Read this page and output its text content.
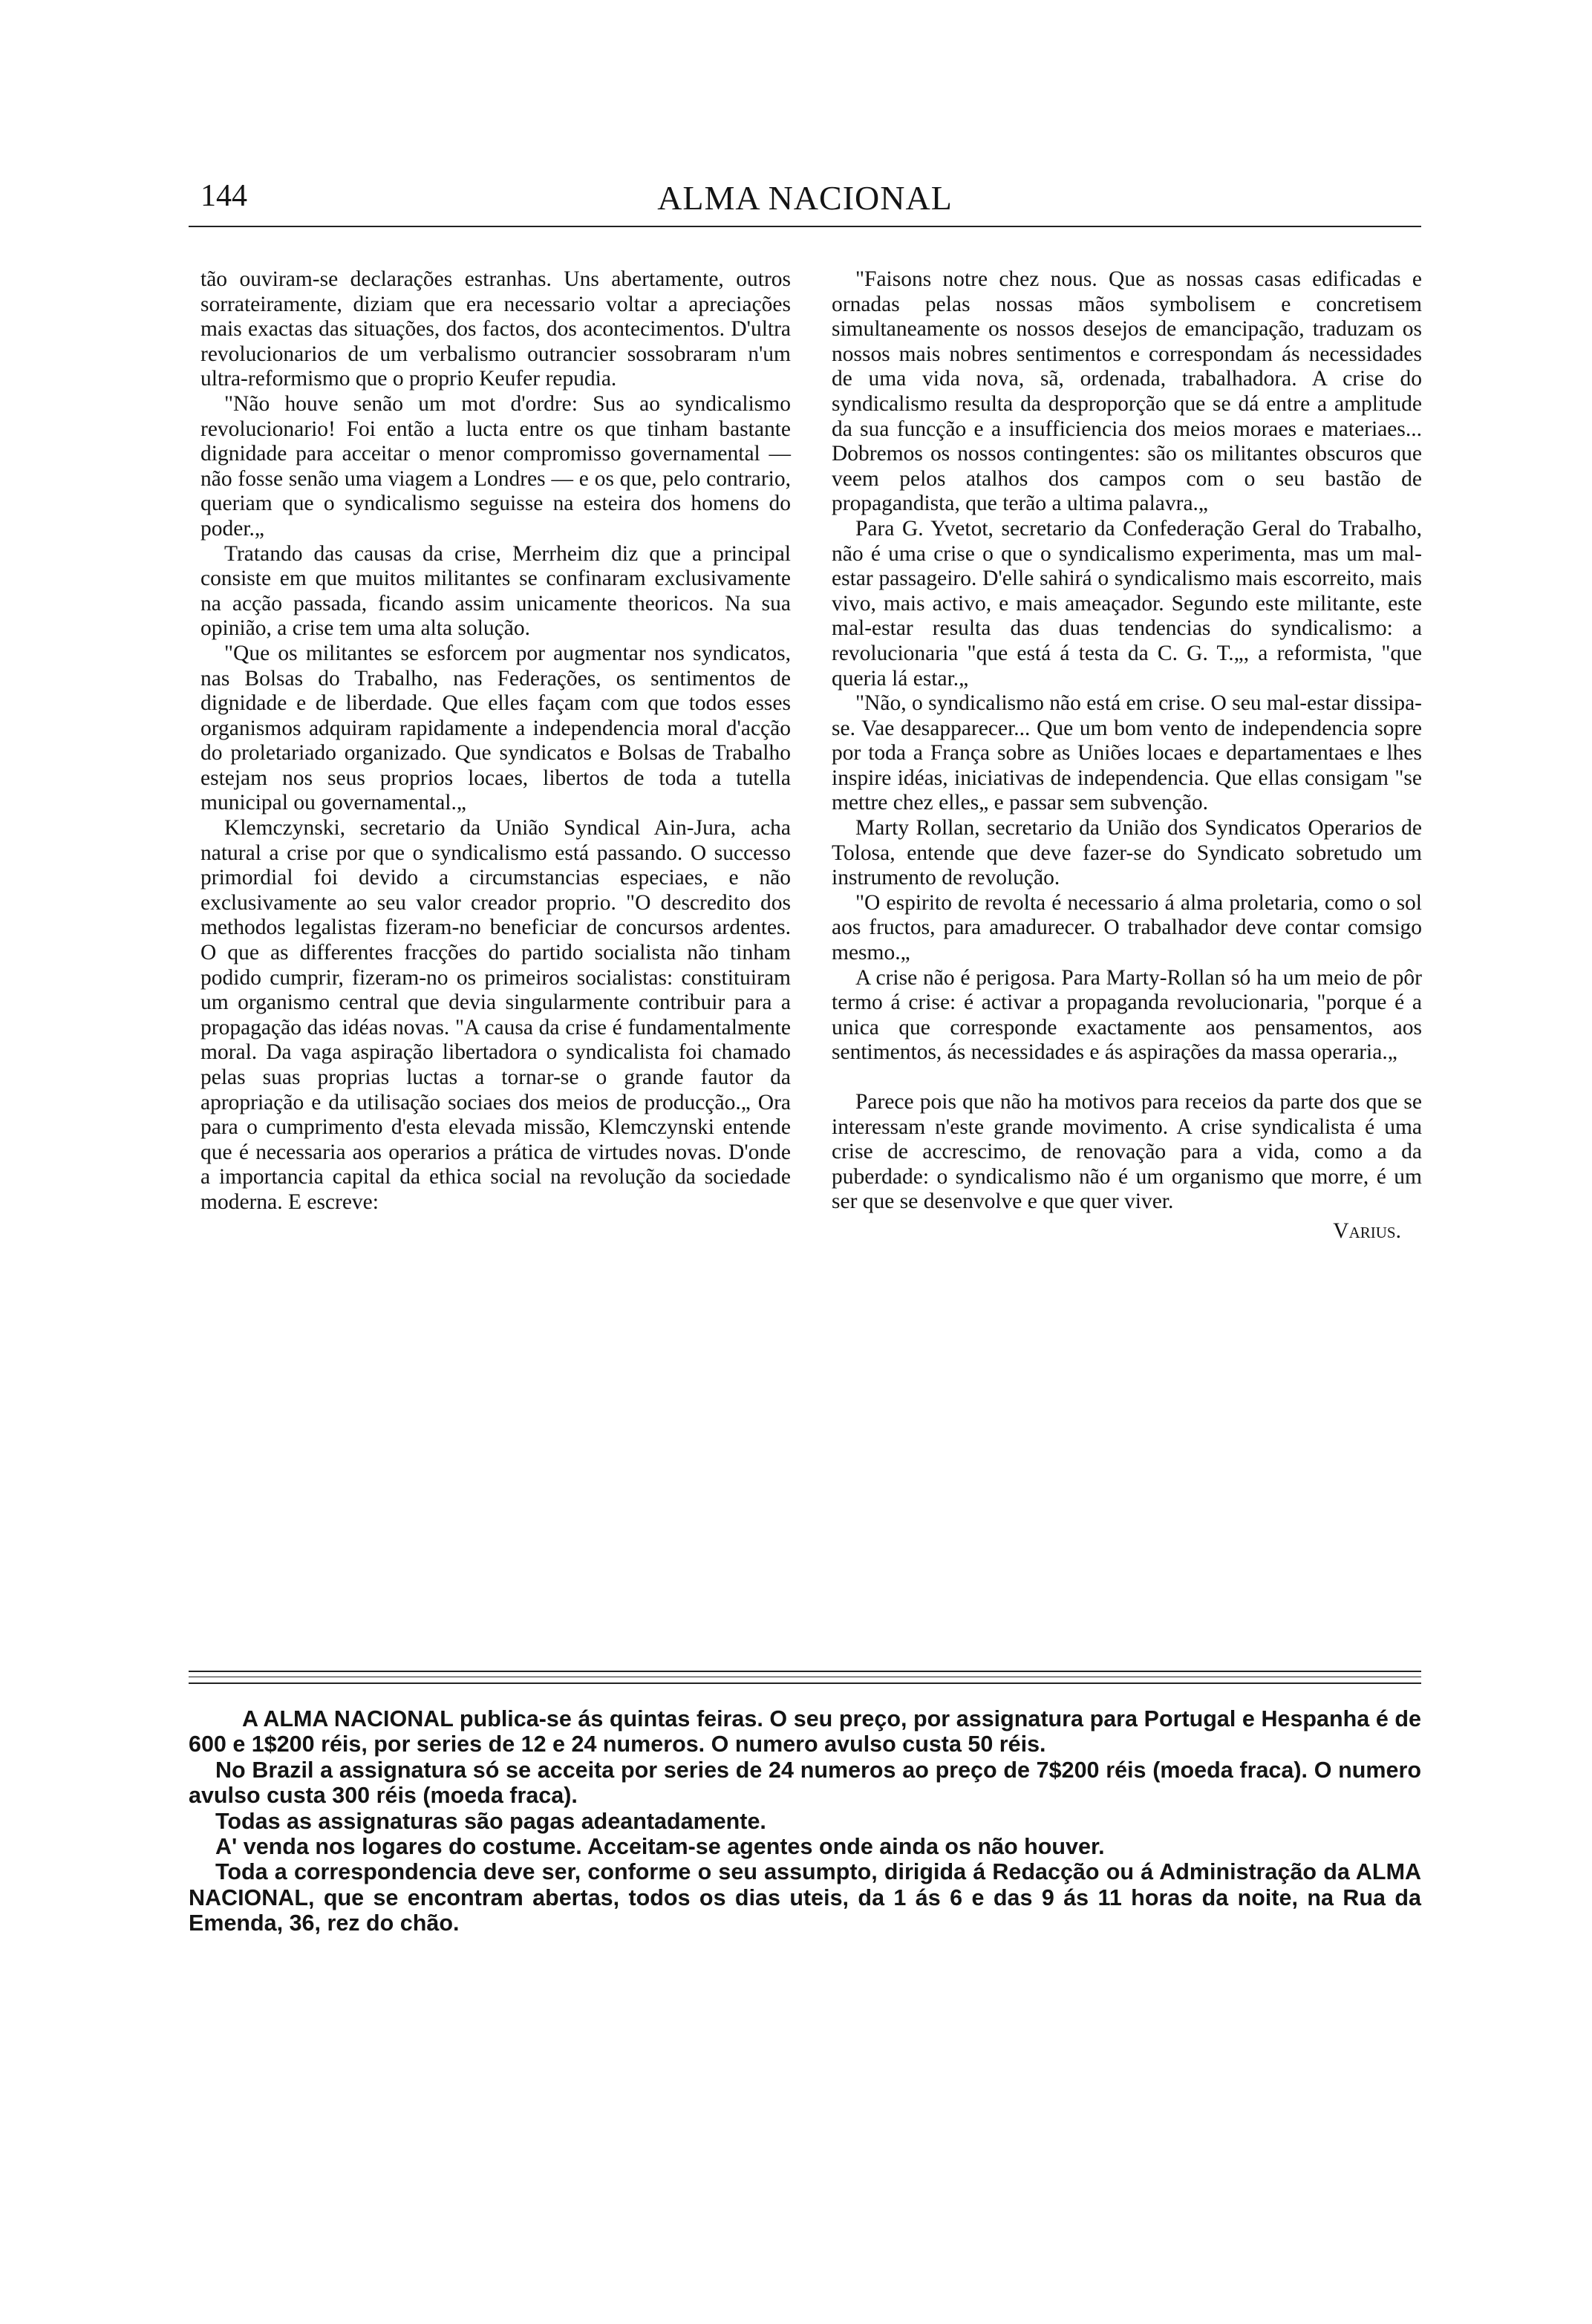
144	ALMA NACIONAL

tão ouviram-se declarações estranhas. Uns abertamente, outros sorrateiramente, diziam que era necessario voltar a apreciações mais exactas das situações, dos factos, dos acontecimentos. D'ultra revolucionarios de um verbalismo outrancier sossobraram n'um ultra-reformismo que o proprio Keufer repudia.

"Não houve senão um mot d'ordre: Sus ao syndicalismo revolucionario! Foi então a lucta entre os que tinham bastante dignidade para acceitar o menor compromisso governamental — não fosse senão uma viagem a Londres — e os que, pelo contrario, queriam que o syndicalismo seguisse na esteira dos homens do poder.„

Tratando das causas da crise, Merrheim diz que a principal consiste em que muitos militantes se confinaram exclusivamente na acção passada, ficando assim unicamente theoricos. Na sua opinião, a crise tem uma alta solução.

"Que os militantes se esforcem por augmentar nos syndicatos, nas Bolsas do Trabalho, nas Federações, os sentimentos de dignidade e de liberdade. Que elles façam com que todos esses organismos adquiram rapidamente a independencia moral d'acção do proletariado organizado. Que syndicatos e Bolsas de Trabalho estejam nos seus proprios locaes, libertos de toda a tutella municipal ou governamental.„

Klemczynski, secretario da União Syndical Ain-Jura, acha natural a crise por que o syndicalismo está passando. O successo primordial foi devido a circumstancias especiaes, e não exclusivamente ao seu valor creador proprio. "O descredito dos methodos legalistas fizeram-no beneficiar de concursos ardentes. O que as differentes fracções do partido socialista não tinham podido cumprir, fizeram-no os primeiros socialistas: constituiram um organismo central que devia singularmente contribuir para a propagação das idéas novas. "A causa da crise é fundamentalmente moral. Da vaga aspiração libertadora o syndicalista foi chamado pelas suas proprias luctas a tornar-se o grande fautor da apropriação e da utilisação sociaes dos meios de producção.„ Ora para o cumprimento d'esta elevada missão, Klemczynski entende que é necessaria aos operarios a prática de virtudes novas. D'onde a importancia capital da ethica social na revolução da sociedade moderna. E escreve:

"Faisons notre chez nous. Que as nossas casas edificadas e ornadas pelas nossas mãos symbolisem e concretisem simultaneamente os nossos desejos de emancipação, traduzam os nossos mais nobres sentimentos e correspondam ás necessidades de uma vida nova, sã, ordenada, trabalhadora. A crise do syndicalismo resulta da desproporção que se dá entre a amplitude da sua funcção e a insufficiencia dos meios moraes e materiaes... Dobremos os nossos contingentes: são os militantes obscuros que veem pelos atalhos dos campos com o seu bastão de propagandista, que terão a ultima palavra.„

Para G. Yvetot, secretario da Confederação Geral do Trabalho, não é uma crise o que o syndicalismo experimenta, mas um mal-estar passageiro. D'elle sahirá o syndicalismo mais escorreito, mais vivo, mais activo, e mais ameaçador. Segundo este militante, este mal-estar resulta das duas tendencias do syndicalismo: a revolucionaria "que está á testa da C. G. T.„, a reformista, "que queria lá estar.„

"Não, o syndicalismo não está em crise. O seu mal-estar dissipa-se. Vae desapparecer... Que um bom vento de independencia sopre por toda a França sobre as Uniões locaes e departamentaes e lhes inspire idéas, iniciativas de independencia. Que ellas consigam "se mettre chez elles„ e passar sem subvenção.

Marty Rollan, secretario da União dos Syndicatos Operarios de Tolosa, entende que deve fazer-se do Syndicato sobretudo um instrumento de revolução.

"O espirito de revolta é necessario á alma proletaria, como o sol aos fructos, para amadurecer. O trabalhador deve contar comsigo mesmo.„

A crise não é perigosa. Para Marty-Rollan só ha um meio de pôr termo á crise: é activar a propaganda revolucionaria, "porque é a unica que corresponde exactamente aos pensamentos, aos sentimentos, ás necessidades e ás aspirações da massa operaria.„

Parece pois que não ha motivos para receios da parte dos que se interessam n'este grande movimento. A crise syndicalista é uma crise de accrescimo, de renovação para a vida, como a da puberdade: o syndicalismo não é um organismo que morre, é um ser que se desenvolve e que quer viver.

Varius.

A ALMA NACIONAL publica-se ás quintas feiras. O seu preço, por assignatura para Portugal e Hespanha é de 600 e 1$200 réis, por series de 12 e 24 numeros. O numero avulso custa 50 réis.

No Brazil a assignatura só se acceita por series de 24 numeros ao preço de 7$200 réis (moeda fraca). O numero avulso custa 300 réis (moeda fraca).

Todas as assignaturas são pagas adeantadamente.

A' venda nos logares do costume. Acceitam-se agentes onde ainda os não houver.

Toda a correspondencia deve ser, conforme o seu assumpto, dirigida á Redacção ou á Administração da ALMA NACIONAL, que se encontram abertas, todos os dias uteis, da 1 ás 6 e das 9 ás 11 horas da noite, na Rua da Emenda, 36, rez do chão.
